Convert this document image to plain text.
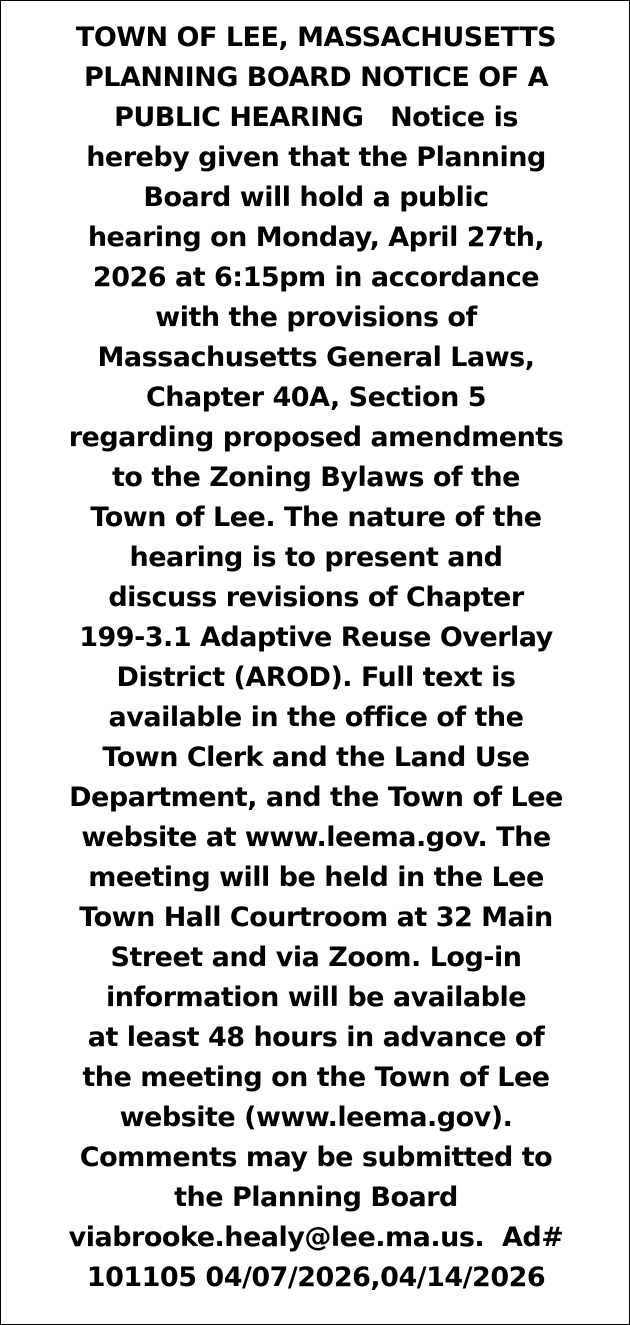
TOWN OF LEE, MASSACHUSETTS
PLANNING BOARD NOTICE OF A
PUBLIC HEARING   Notice is
hereby given that the Planning
Board will hold a public
hearing on Monday, April 27th,
2026 at 6:15pm in accordance
with the provisions of
Massachusetts General Laws,
Chapter 40A, Section 5
regarding proposed amendments
to the Zoning Bylaws of the
Town of Lee. The nature of the
hearing is to present and
discuss revisions of Chapter
199-3.1 Adaptive Reuse Overlay
District (AROD). Full text is
available in the office of the
Town Clerk and the Land Use
Department, and the Town of Lee
website at www.leema.gov. The
meeting will be held in the Lee
Town Hall Courtroom at 32 Main
Street and via Zoom. Log-in
information will be available
at least 48 hours in advance of
the meeting on the Town of Lee
website (www.leema.gov).
Comments may be submitted to
the Planning Board
viabrooke.healy@lee.ma.us.  Ad#
101105 04/07/2026,04/14/2026
